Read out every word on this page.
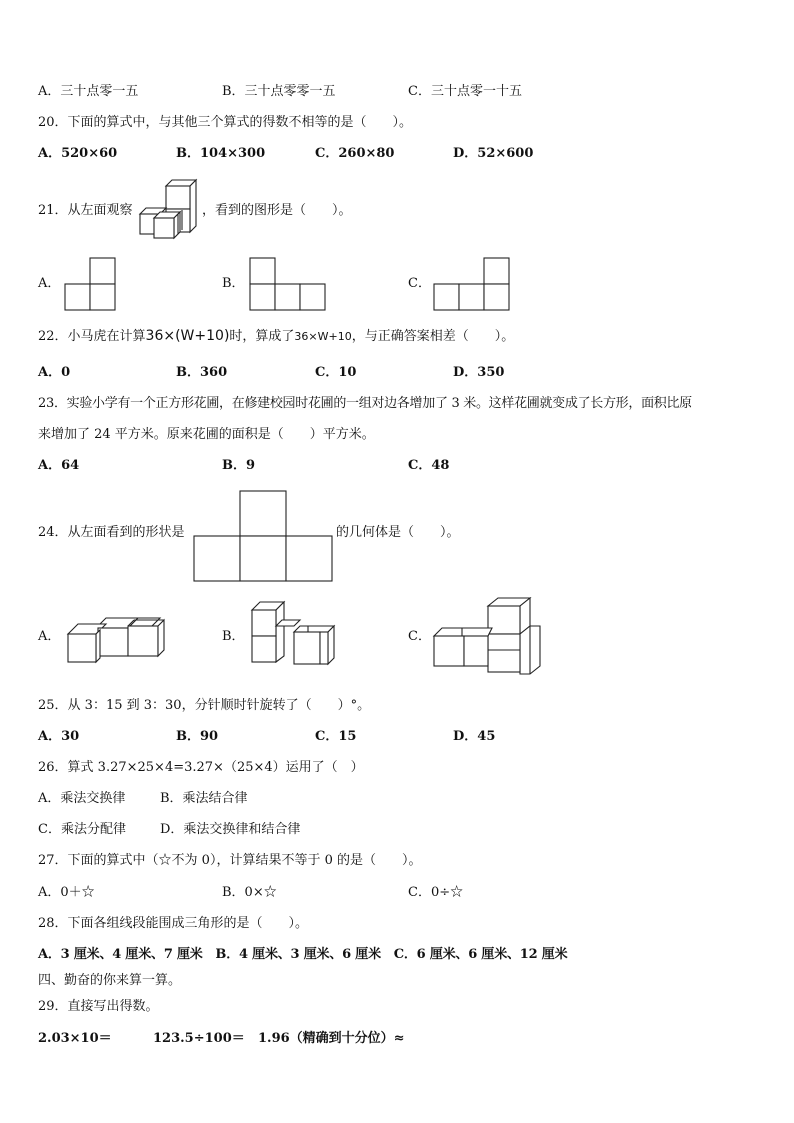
A．三十点零一五	B．三十点零零一五	C．三十点零一十五
20．下面的算式中，与其他三个算式的得数不相等的是（　　）。
A．520×60	B．104×300	C．260×80	D．52×600
21．从左面观察	，看到的图形是（　　）。
A．	B．	C．
22．小马虎在计算36×(W+10)时，算成了36×W+10，与正确答案相差（　　）。
A．0	B．360	C．10	D．350
23．实验小学有一个正方形花圃，在修建校园时花圃的一组对边各增加了 3 米。这样花圃就变成了长方形，面积比原
来增加了 24 平方米。原来花圃的面积是（　　）平方米。
A．64	B．9	C．48
24．从左面看到的形状是	的几何体是（　　）。
A．	B．	C．
25．从 3：15 到 3：30，分针顺时针旋转了（　　）°。
A．30	B．90	C．15	D．45
26．算式 3.27×25×4=3.27×（25×4）运用了（　）
A．乘法交换律	B．乘法结合律
C．乘法分配律	D．乘法交换律和结合律
27．下面的算式中（☆不为 0），计算结果不等于 0 的是（　　）。
A．0＋☆	B．0×☆	C．0÷☆
28．下面各组线段能围成三角形的是（　　）。
A．3 厘米、4 厘米、7 厘米　B．4 厘米、3 厘米、6 厘米　C．6 厘米、6 厘米、12 厘米
四、勤奋的你来算一算。
29．直接写出得数。
2.03×10＝	123.5÷100＝ 1.96（精确到十分位）≈
